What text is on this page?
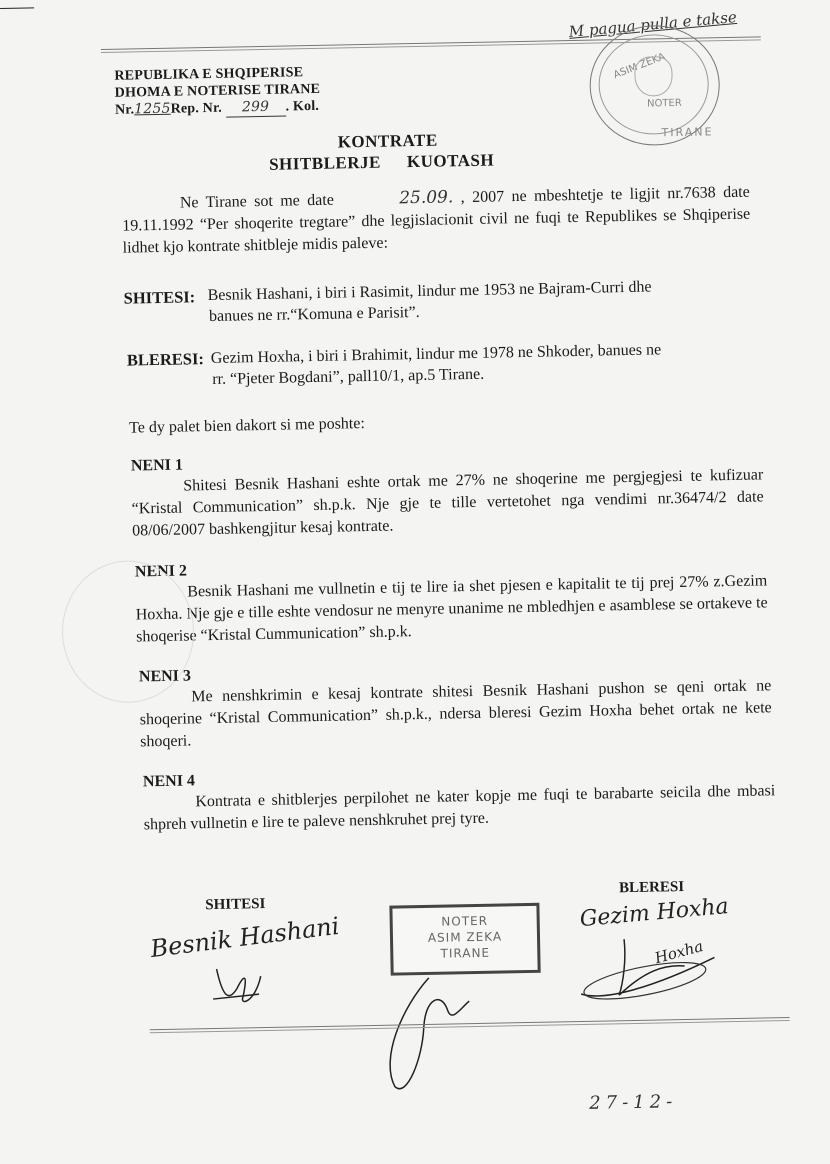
M pagua pulla e takse
REPUBLIKA E SHQIPERISE
DHOMA E NOTERISE TIRANE
Nr.1255Rep. Nr. 299 . Kol.
ASIM ZEKA
NOTER
TIRANE
KONTRATE
SHITBLERJE KUOTASH
Ne Tirane sot me date	25.09. , 2007 ne mbeshtetje te ligjit nr.7638 date 19.11.1992 “Per shoqerite tregtare” dhe legjislacionit civil ne fuqi te Republikes se Shqiperise lidhet kjo kontrate shitbleje midis paleve:
SHITESI: Besnik Hashani, i biri i Rasimit, lindur me 1953 ne Bajram-Curri dhe
banues ne rr.“Komuna e Parisit”.
BLERESI: Gezim Hoxha, i biri i Brahimit, lindur me 1978 ne Shkoder, banues ne
rr. “Pjeter Bogdani”, pall10/1, ap.5 Tirane.
Te dy palet bien dakort si me poshte:
NENI 1
Shitesi Besnik Hashani eshte ortak me 27% ne shoqerine me pergjegjesi te kufizuar “Kristal Communication” sh.p.k. Nje gje te tille vertetohet nga vendimi nr.36474/2 date 08/06/2007 bashkengjitur kesaj kontrate.
NENI 2
Besnik Hashani me vullnetin e tij te lire ia shet pjesen e kapitalit te tij prej 27% z.Gezim Hoxha. Nje gje e tille eshte vendosur ne menyre unanime ne mbledhjen e asamblese se ortakeve te shoqerise “Kristal Cummunication” sh.p.k.
NENI 3
Me nenshkrimin e kesaj kontrate shitesi Besnik Hashani pushon se qeni ortak ne shoqerine “Kristal Communication” sh.p.k., ndersa bleresi Gezim Hoxha behet ortak ne kete shoqeri.
NENI 4
Kontrata e shitblerjes perpilohet ne kater kopje me fuqi te barabarte seicila dhe mbasi shpreh vullnetin e lire te paleve nenshkruhet prej tyre.
SHITESI
BLERESI
Besnik Hashani	Gezim Hoxha
Hoxha
NOTER
ASIM ZEKA
TIRANE
27-12-
